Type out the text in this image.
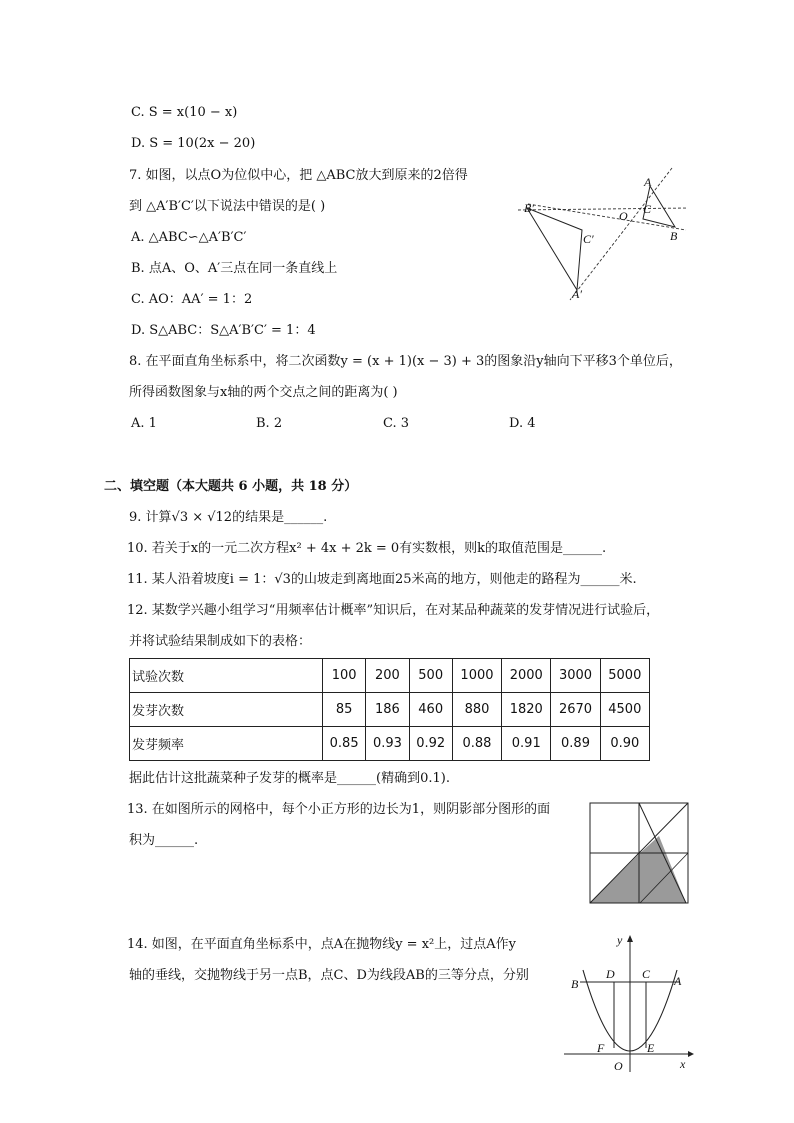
C. S = x(10 − x)
D. S = 10(2x − 20)
7. 如图，以点O为位似中心，把 △ABC放大到原来的2倍得
到 △A′B′C′以下说法中错误的是( )
A. △ABC∽△A′B′C′
B. 点A、O、A′三点在同一条直线上
C. AO：AA′ = 1：2
D. S△ABC：S△A′B′C′ = 1：4
A
B
C
O
A′
B′
C′
8. 在平面直角坐标系中，将二次函数y = (x + 1)(x − 3) + 3的图象沿y轴向下平移3个单位后，
所得函数图象与x轴的两个交点之间的距离为( )
A. 1	B. 2	C. 3	D. 4
二、填空题（本大题共 6 小题，共 18 分）
9. 计算√3 × √12的结果是______.
10. 若关于x的一元二次方程x² + 4x + 2k = 0有实数根，则k的取值范围是______.
11. 某人沿着坡度i = 1：√3的山坡走到离地面25米高的地方，则他走的路程为______米.
12. 某数学兴趣小组学习“用频率估计概率”知识后，在对某品种蔬菜的发芽情况进行试验后，
并将试验结果制成如下的表格：
试验次数	100	200	500	1000	2000	3000	5000
发芽次数	85	186	460	880	1820	2670	4500
发芽频率	0.85	0.93	0.92	0.88	0.91	0.89	0.90
据此估计这批蔬菜种子发芽的概率是______(精确到0.1).
13. 在如图所示的网格中，每个小正方形的边长为1，则阴影部分图形的面
积为______.
14. 如图，在平面直角坐标系中，点A在抛物线y = x²上，过点A作y
轴的垂线，交抛物线于另一点B，点C、D为线段AB的三等分点，分别
y
x
O
A
B
C
D
E
F
